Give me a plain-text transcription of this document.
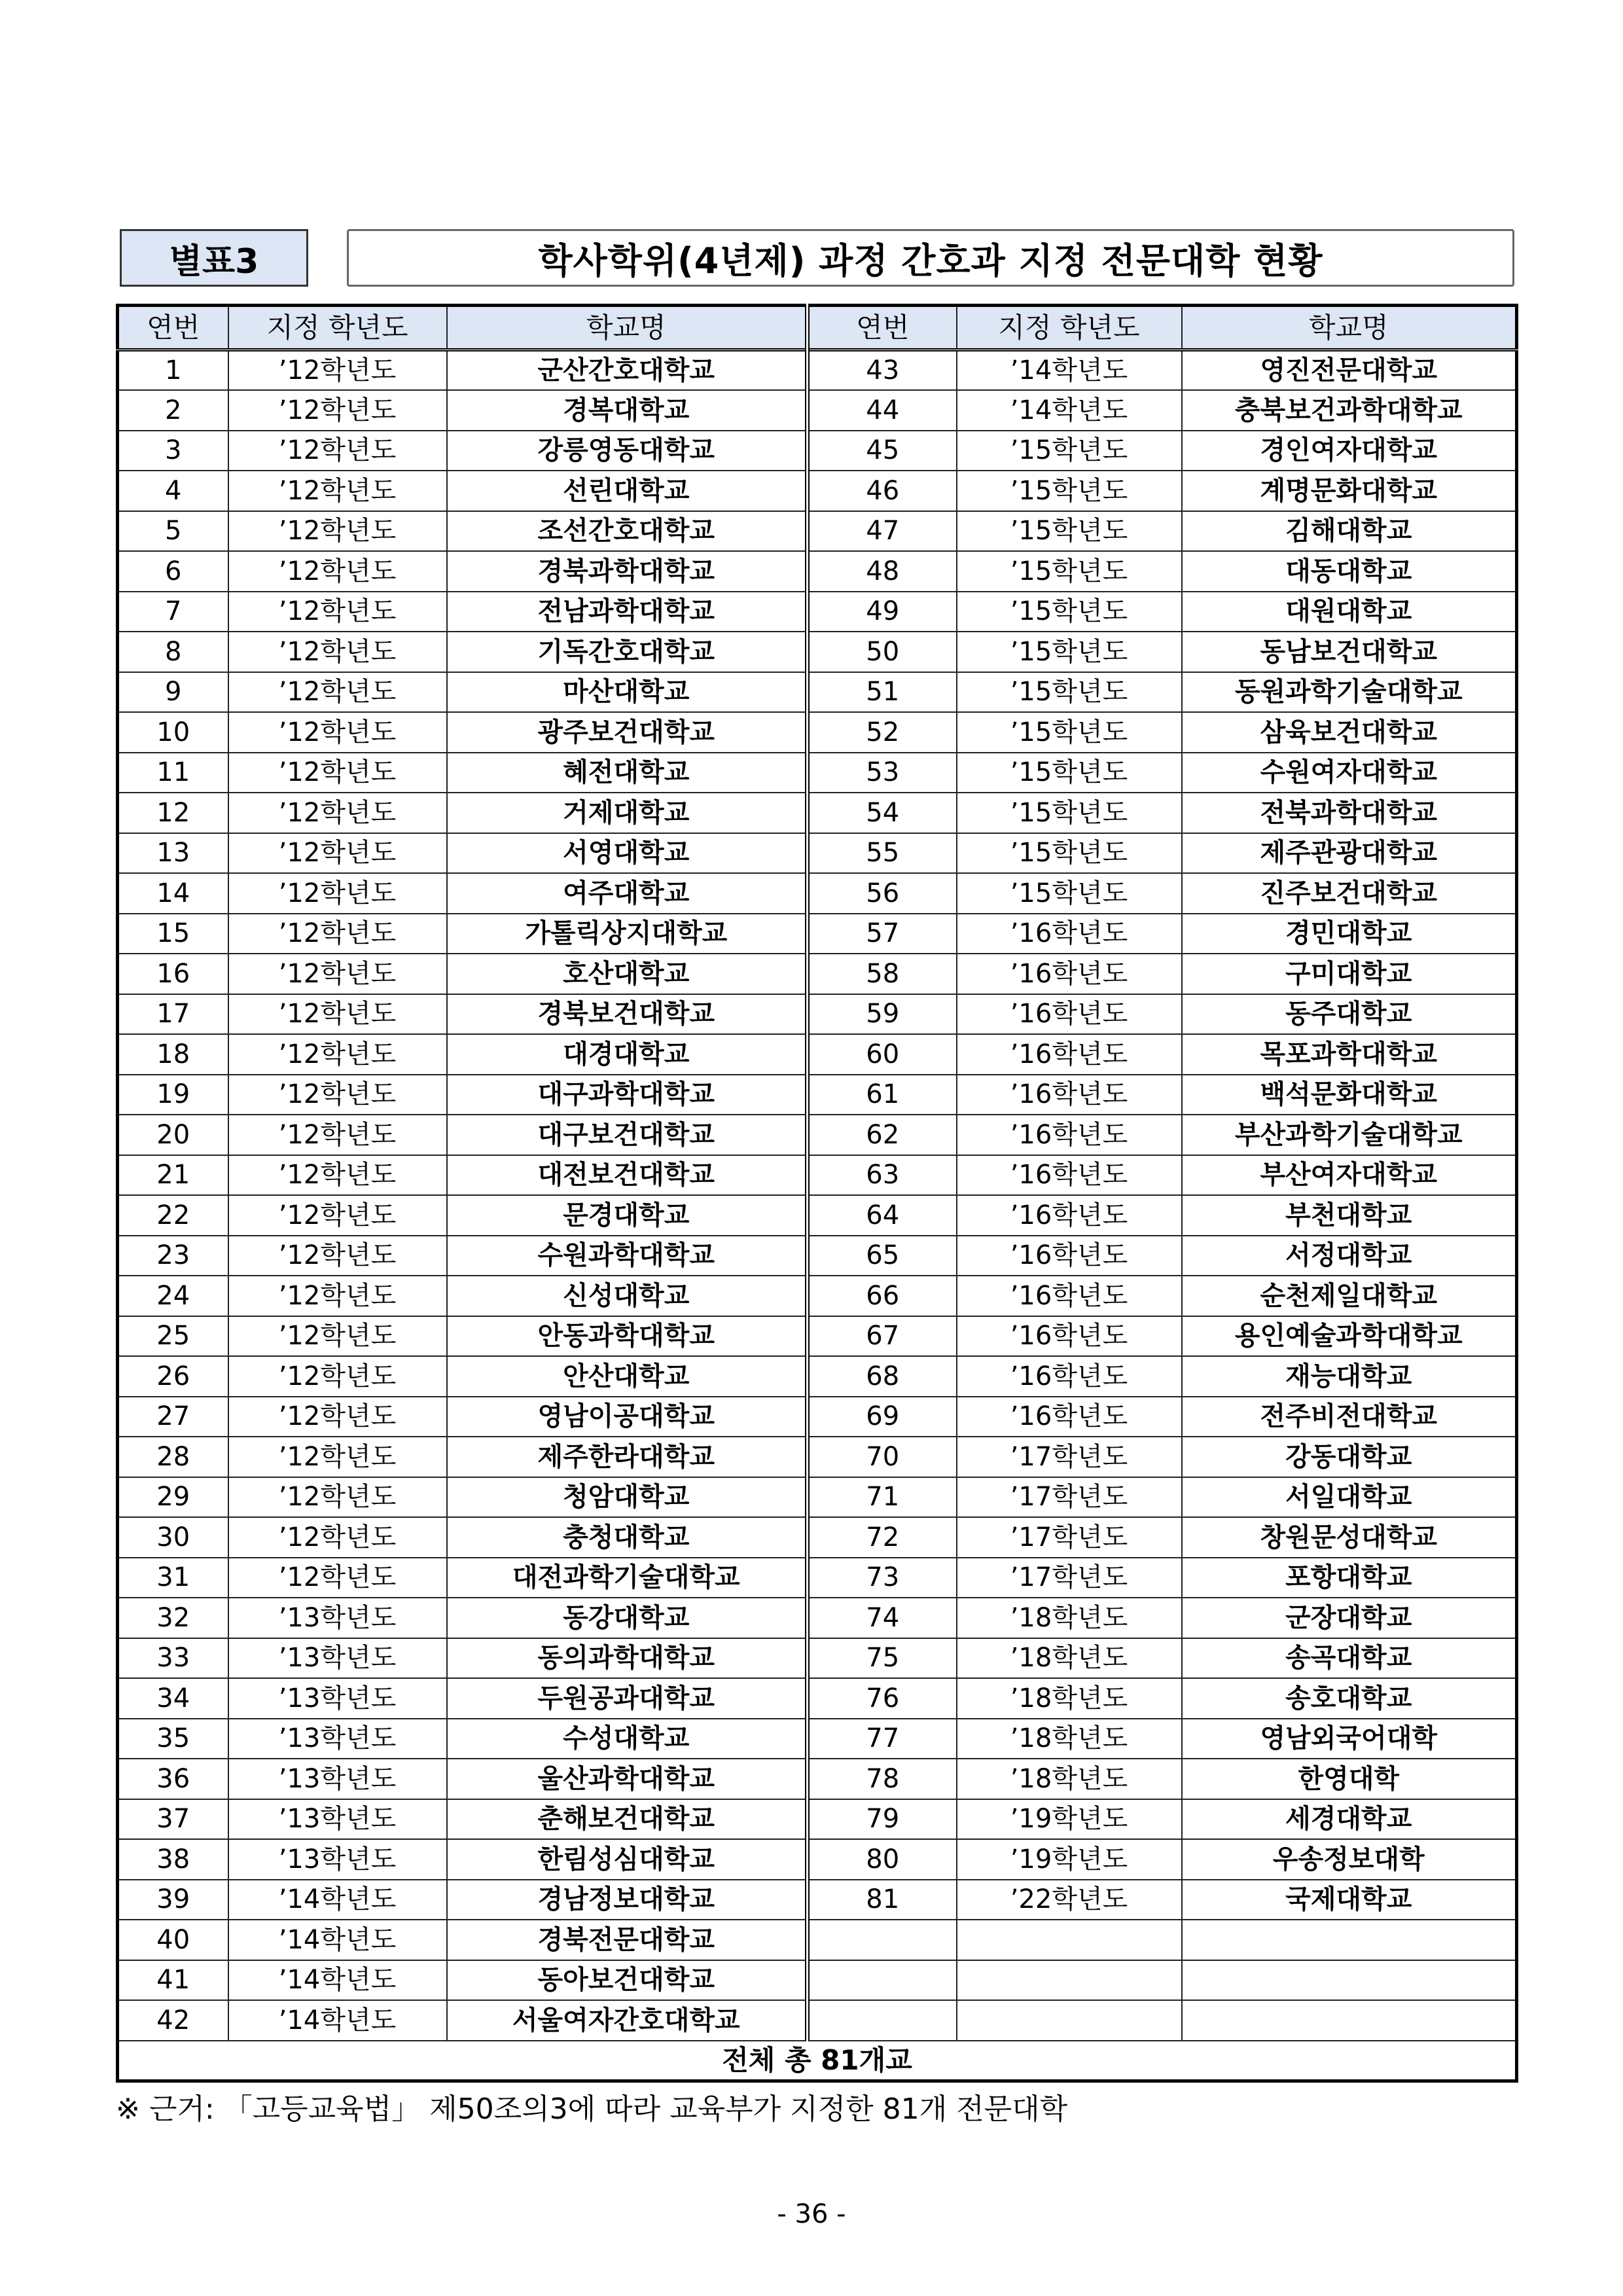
별표3	학사학위(4년제) 과정 간호과 지정 전문대학 현황
연번	지정 학년도	학교명	연번	지정 학년도	학교명
1	’12학년도	군산간호대학교	43	’14학년도	영진전문대학교
2	’12학년도	경복대학교	44	’14학년도	충북보건과학대학교
3	’12학년도	강릉영동대학교	45	’15학년도	경인여자대학교
4	’12학년도	선린대학교	46	’15학년도	계명문화대학교
5	’12학년도	조선간호대학교	47	’15학년도	김해대학교
6	’12학년도	경북과학대학교	48	’15학년도	대동대학교
7	’12학년도	전남과학대학교	49	’15학년도	대원대학교
8	’12학년도	기독간호대학교	50	’15학년도	동남보건대학교
9	’12학년도	마산대학교	51	’15학년도	동원과학기술대학교
10	’12학년도	광주보건대학교	52	’15학년도	삼육보건대학교
11	’12학년도	혜전대학교	53	’15학년도	수원여자대학교
12	’12학년도	거제대학교	54	’15학년도	전북과학대학교
13	’12학년도	서영대학교	55	’15학년도	제주관광대학교
14	’12학년도	여주대학교	56	’15학년도	진주보건대학교
15	’12학년도	가톨릭상지대학교	57	’16학년도	경민대학교
16	’12학년도	호산대학교	58	’16학년도	구미대학교
17	’12학년도	경북보건대학교	59	’16학년도	동주대학교
18	’12학년도	대경대학교	60	’16학년도	목포과학대학교
19	’12학년도	대구과학대학교	61	’16학년도	백석문화대학교
20	’12학년도	대구보건대학교	62	’16학년도	부산과학기술대학교
21	’12학년도	대전보건대학교	63	’16학년도	부산여자대학교
22	’12학년도	문경대학교	64	’16학년도	부천대학교
23	’12학년도	수원과학대학교	65	’16학년도	서정대학교
24	’12학년도	신성대학교	66	’16학년도	순천제일대학교
25	’12학년도	안동과학대학교	67	’16학년도	용인예술과학대학교
26	’12학년도	안산대학교	68	’16학년도	재능대학교
27	’12학년도	영남이공대학교	69	’16학년도	전주비전대학교
28	’12학년도	제주한라대학교	70	’17학년도	강동대학교
29	’12학년도	청암대학교	71	’17학년도	서일대학교
30	’12학년도	충청대학교	72	’17학년도	창원문성대학교
31	’12학년도	대전과학기술대학교	73	’17학년도	포항대학교
32	’13학년도	동강대학교	74	’18학년도	군장대학교
33	’13학년도	동의과학대학교	75	’18학년도	송곡대학교
34	’13학년도	두원공과대학교	76	’18학년도	송호대학교
35	’13학년도	수성대학교	77	’18학년도	영남외국어대학
36	’13학년도	울산과학대학교	78	’18학년도	한영대학
37	’13학년도	춘해보건대학교	79	’19학년도	세경대학교
38	’13학년도	한림성심대학교	80	’19학년도	우송정보대학
39	’14학년도	경남정보대학교	81	’22학년도	국제대학교
40	’14학년도	경북전문대학교			
41	’14학년도	동아보건대학교			
42	’14학년도	서울여자간호대학교			
전체 총 81개교					
※ 근거: 「고등교육법」 제50조의3에 따라 교육부가 지정한 81개 전문대학
- 36 -
